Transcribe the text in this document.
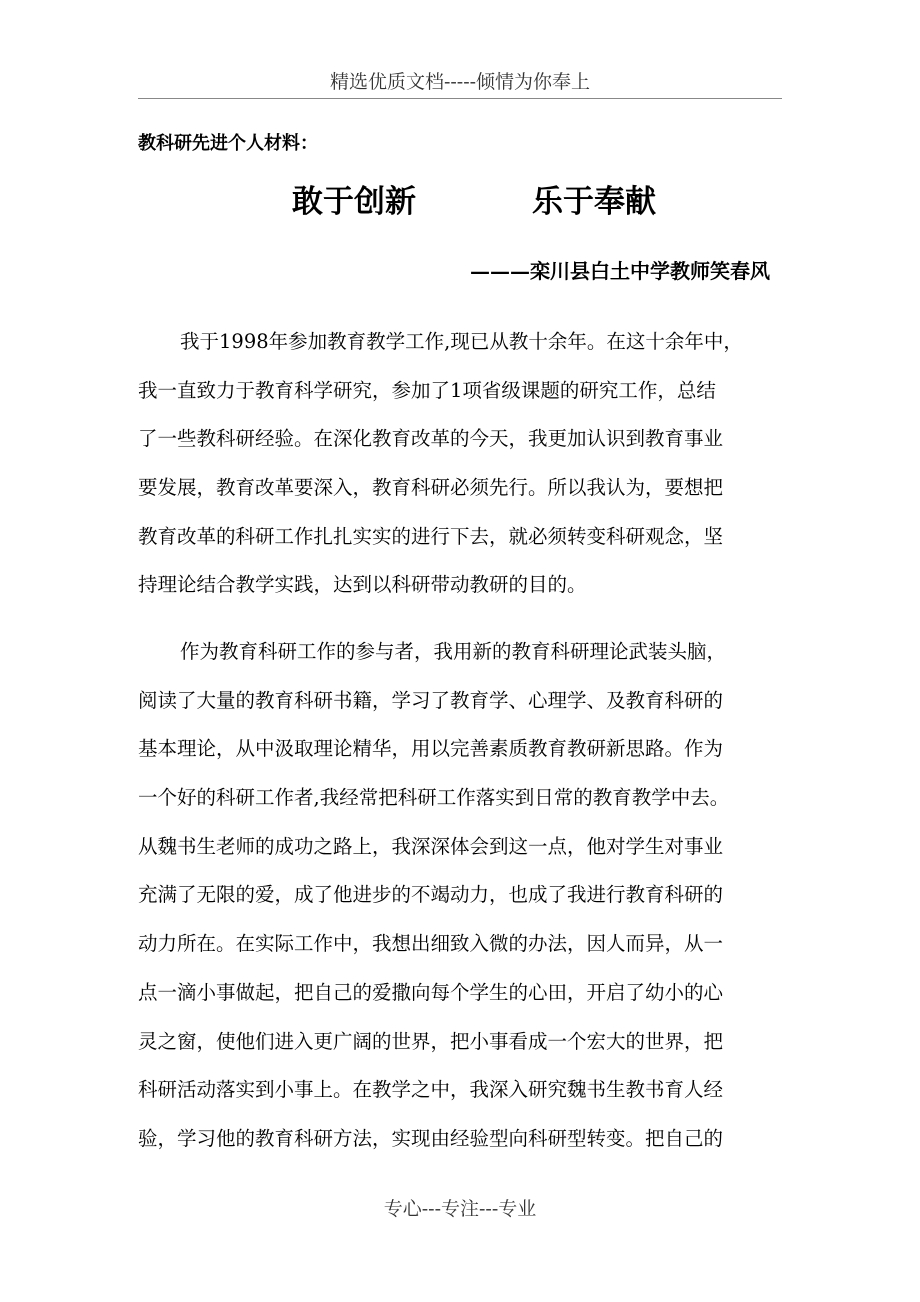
精选优质文档-----倾情为你奉上
教科研先进个人材料：
敢于创新	乐于奉献
———栾川县白土中学教师笑春风
我于1998年参加教育教学工作,现已从教十余年。在这十余年中，
我一直致力于教育科学研究，参加了1项省级课题的研究工作，总结
了一些教科研经验。在深化教育改革的今天，我更加认识到教育事业
要发展，教育改革要深入，教育科研必须先行。所以我认为，要想把
教育改革的科研工作扎扎实实的进行下去，就必须转变科研观念，坚
持理论结合教学实践，达到以科研带动教研的目的。
作为教育科研工作的参与者，我用新的教育科研理论武装头脑，
阅读了大量的教育科研书籍，学习了教育学、心理学、及教育科研的
基本理论，从中汲取理论精华，用以完善素质教育教研新思路。作为
一个好的科研工作者,我经常把科研工作落实到日常的教育教学中去。
从魏书生老师的成功之路上，我深深体会到这一点，他对学生对事业
充满了无限的爱，成了他进步的不竭动力，也成了我进行教育科研的
动力所在。在实际工作中，我想出细致入微的办法，因人而异，从一
点一滴小事做起，把自己的爱撒向每个学生的心田，开启了幼小的心
灵之窗，使他们进入更广阔的世界，把小事看成一个宏大的世界，把
科研活动落实到小事上。在教学之中，我深入研究魏书生教书育人经
验，学习他的教育科研方法，实现由经验型向科研型转变。把自己的
专心---专注---专业
